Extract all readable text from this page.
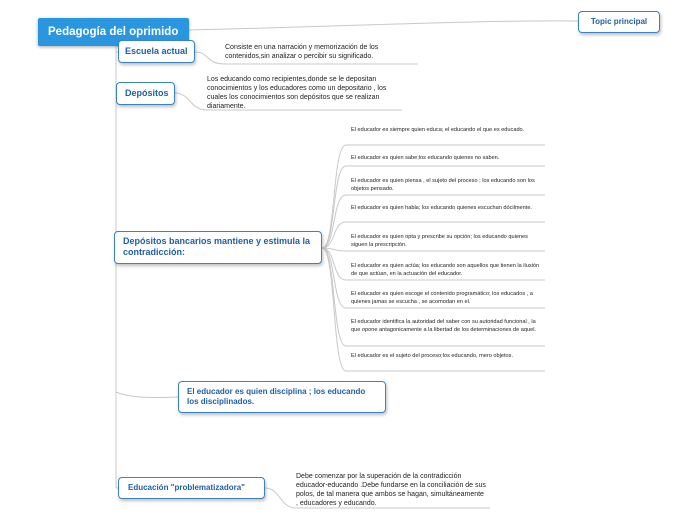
Pedagogía del oprimido
Topic principal
Escuela actual	Consiste en una narración y memorización de los contenidos,sin analizar o percibir su significado.
Depósitos
Los educando como recipientes,donde se le depositan conocimientos y los educadores como un depositario , los cuales los conocimientos son depósitos que se realizan diariamente.
Depósitos bancarios mantiene y estimula la contradicción:
El educador es siempre quien educa; el educando el que es educado.
El educador es quien sabe;los educando quienes no saben.
El educador es quien piensa , el sujeto del proceso ; los educando son los objetos pensado.
El educador es quien habla; los educando quienes escuchan dócilmente.
El educador es quien opta y prescribe su opción; los educando quienes siguen la prescripción.
El educador es quien actúa; los educando son aquellos que tienen la ilusión de que actúan, en la actuación del educador.
El educador es quien escoge el contenido programático; los educados , a quienes jamas se escucha , se acomodan en el.
El educador identifica la autoridad del saber con su autoridad funcional , la que opone antagonicamente a la libertad de los determinaciones de aquel.
El educador es el sujeto del proceso;los educando, mero objetos.
El educador es quien disciplina ; los educando los disciplinados.
Educación "problematizadora"
Debe comenzar por la superación de la contradicción educador-educando .Debe fundarse en la conciliación de sus polos, de tal manera que ambos se hagan, simultáneamente , educadores y educando.
